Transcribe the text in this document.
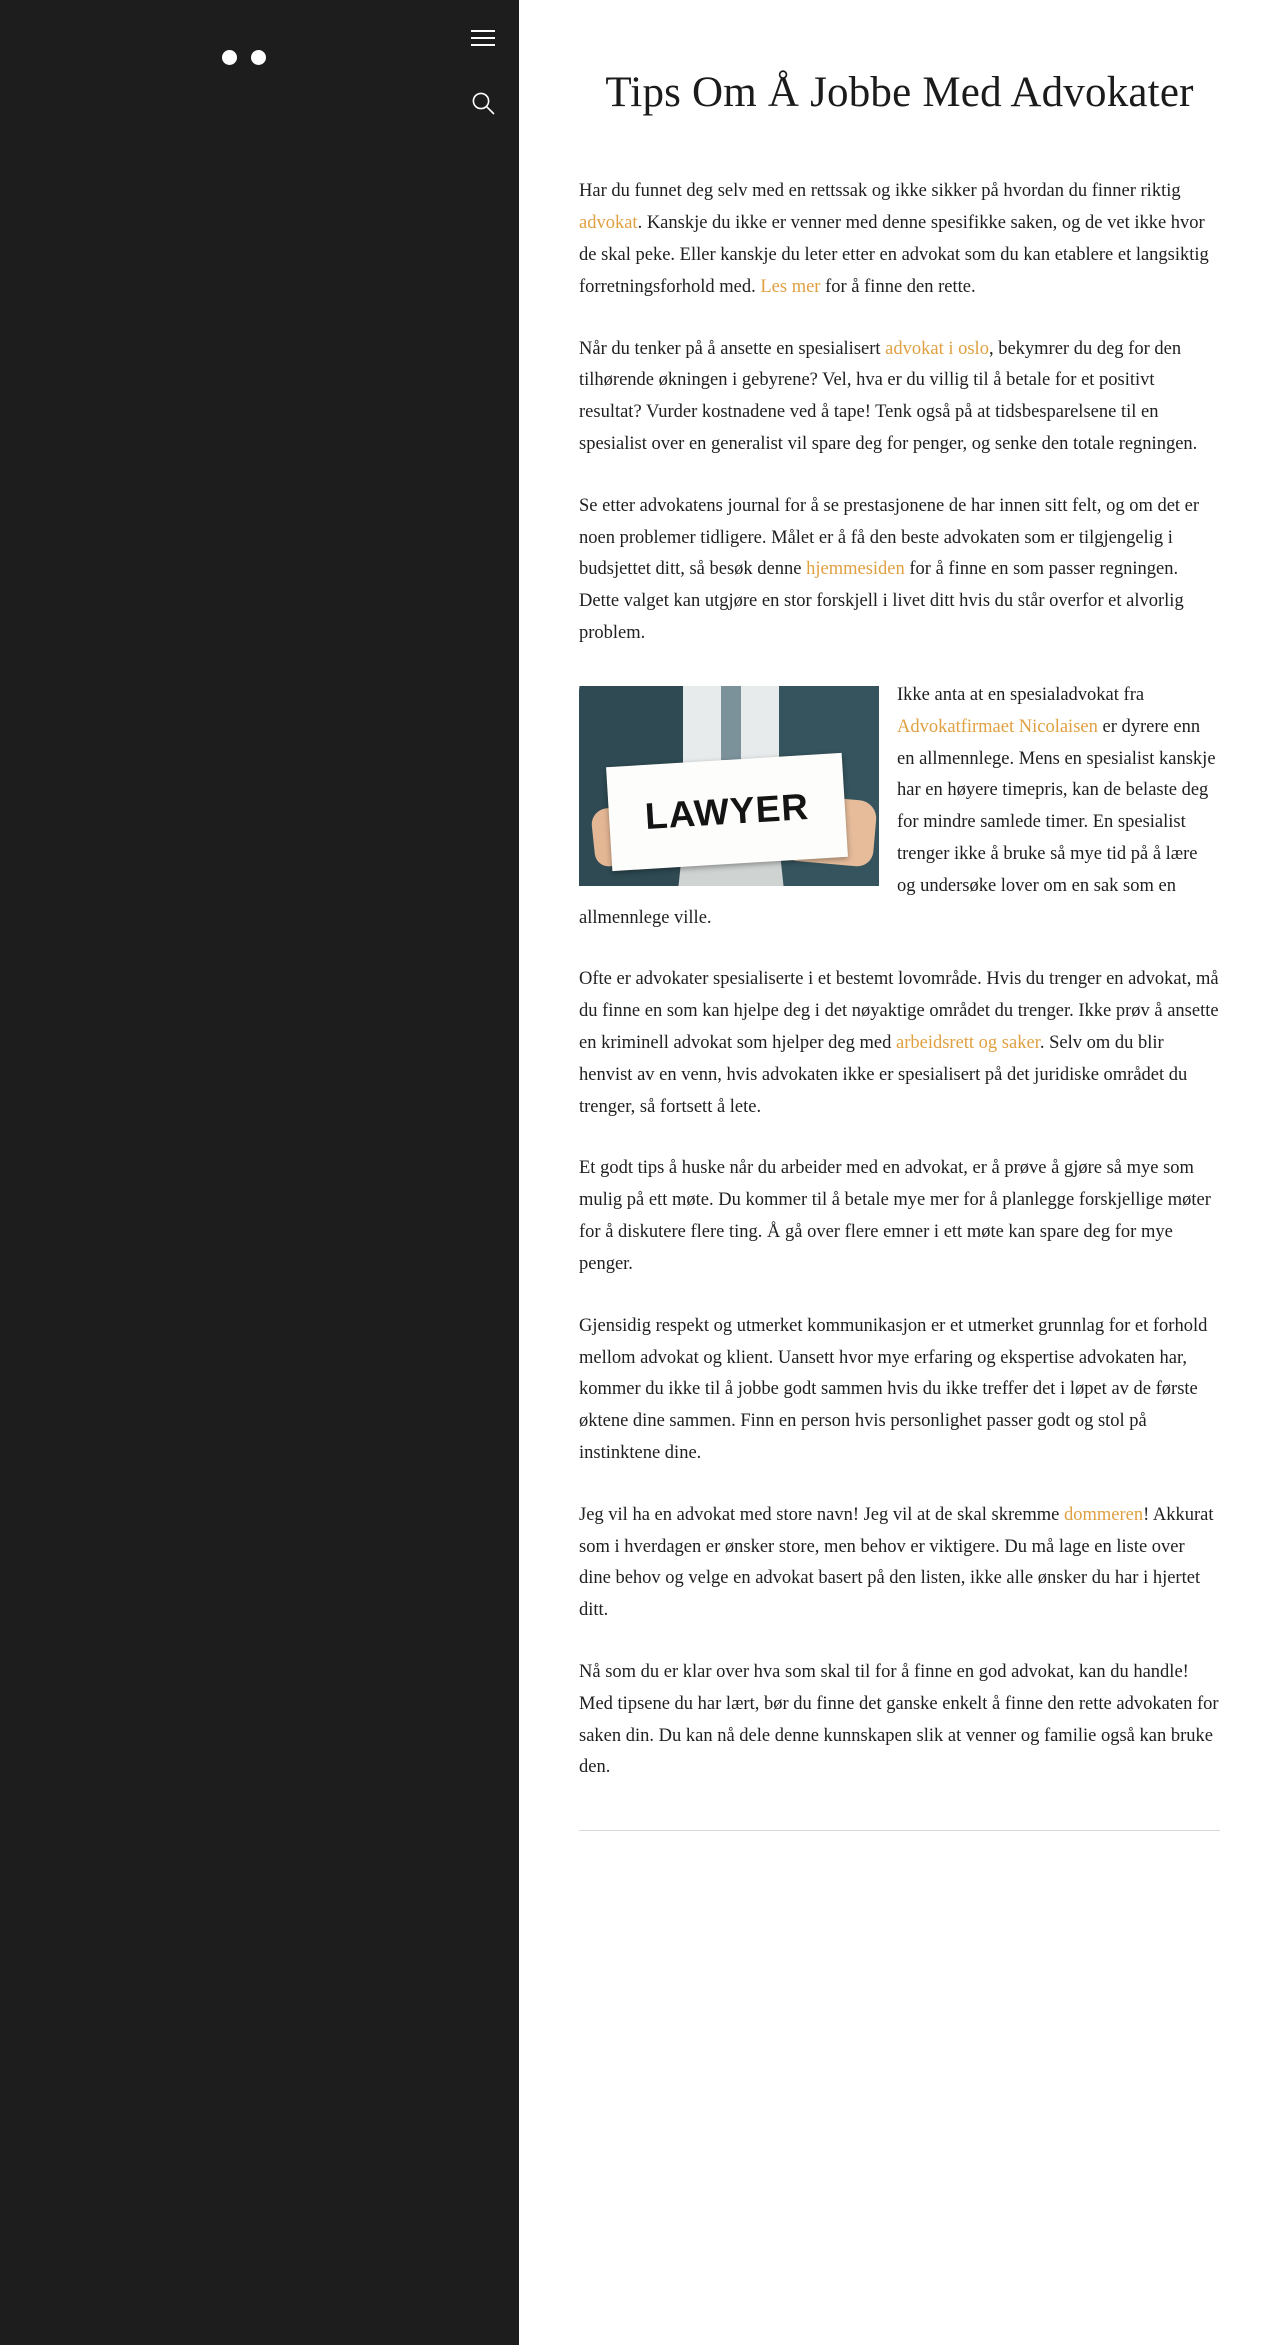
Tips Om Å Jobbe Med Advokater

Har du funnet deg selv med en rettssak og ikke sikker på hvordan du finner riktig advokat. Kanskje du ikke er venner med denne spesifikke saken, og de vet ikke hvor de skal peke. Eller kanskje du leter etter en advokat som du kan etablere et langsiktig forretningsforhold med. Les mer for å finne den rette.

Når du tenker på å ansette en spesialisert advokat i oslo, bekymrer du deg for den tilhørende økningen i gebyrene? Vel, hva er du villig til å betale for et positivt resultat? Vurder kostnadene ved å tape! Tenk også på at tidsbesparelsene til en spesialist over en generalist vil spare deg for penger, og senke den totale regningen.

Se etter advokatens journal for å se prestasjonene de har innen sitt felt, og om det er noen problemer tidligere. Målet er å få den beste advokaten som er tilgjengelig i budsjettet ditt, så besøk denne hjemmesiden for å finne en som passer regningen. Dette valget kan utgjøre en stor forskjell i livet ditt hvis du står overfor et alvorlig problem.

LAWYER
Ikke anta at en spesialadvokat fra Advokatfirmaet Nicolaisen er dyrere enn en allmennlege. Mens en spesialist kanskje har en høyere timepris, kan de belaste deg for mindre samlede timer. En spesialist trenger ikke å bruke så mye tid på å lære og undersøke lover om en sak som en allmennlege ville.

Ofte er advokater spesialiserte i et bestemt lovområde. Hvis du trenger en advokat, må du finne en som kan hjelpe deg i det nøyaktige området du trenger. Ikke prøv å ansette en kriminell advokat som hjelper deg med arbeidsrett og saker. Selv om du blir henvist av en venn, hvis advokaten ikke er spesialisert på det juridiske området du trenger, så fortsett å lete.

Et godt tips å huske når du arbeider med en advokat, er å prøve å gjøre så mye som mulig på ett møte. Du kommer til å betale mye mer for å planlegge forskjellige møter for å diskutere flere ting. Å gå over flere emner i ett møte kan spare deg for mye penger.

Gjensidig respekt og utmerket kommunikasjon er et utmerket grunnlag for et forhold mellom advokat og klient. Uansett hvor mye erfaring og ekspertise advokaten har, kommer du ikke til å jobbe godt sammen hvis du ikke treffer det i løpet av de første øktene dine sammen. Finn en person hvis personlighet passer godt og stol på instinktene dine.

Jeg vil ha en advokat med store navn! Jeg vil at de skal skremme dommeren! Akkurat som i hverdagen er ønsker store, men behov er viktigere. Du må lage en liste over dine behov og velge en advokat basert på den listen, ikke alle ønsker du har i hjertet ditt.

Nå som du er klar over hva som skal til for å finne en god advokat, kan du handle! Med tipsene du har lært, bør du finne det ganske enkelt å finne den rette advokaten for saken din. Du kan nå dele denne kunnskapen slik at venner og familie også kan bruke den.
